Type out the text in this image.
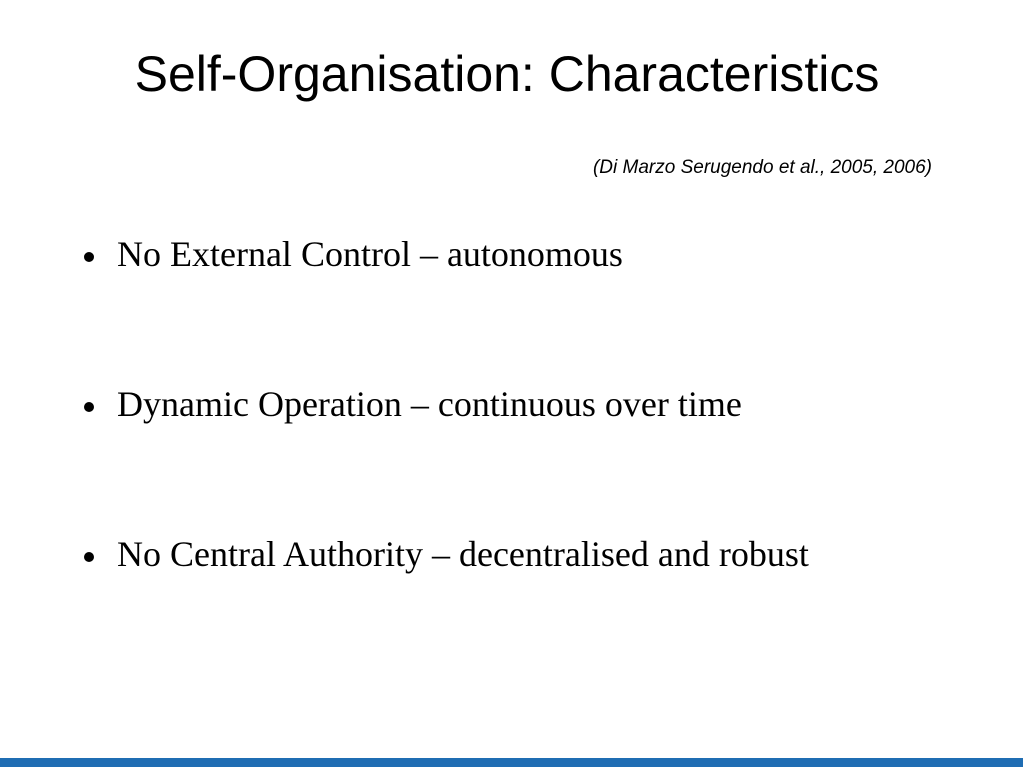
Self-Organisation: Characteristics
(Di Marzo Serugendo et al., 2005, 2006)
No External Control – autonomous
Dynamic Operation – continuous over time
No Central Authority – decentralised and robust
